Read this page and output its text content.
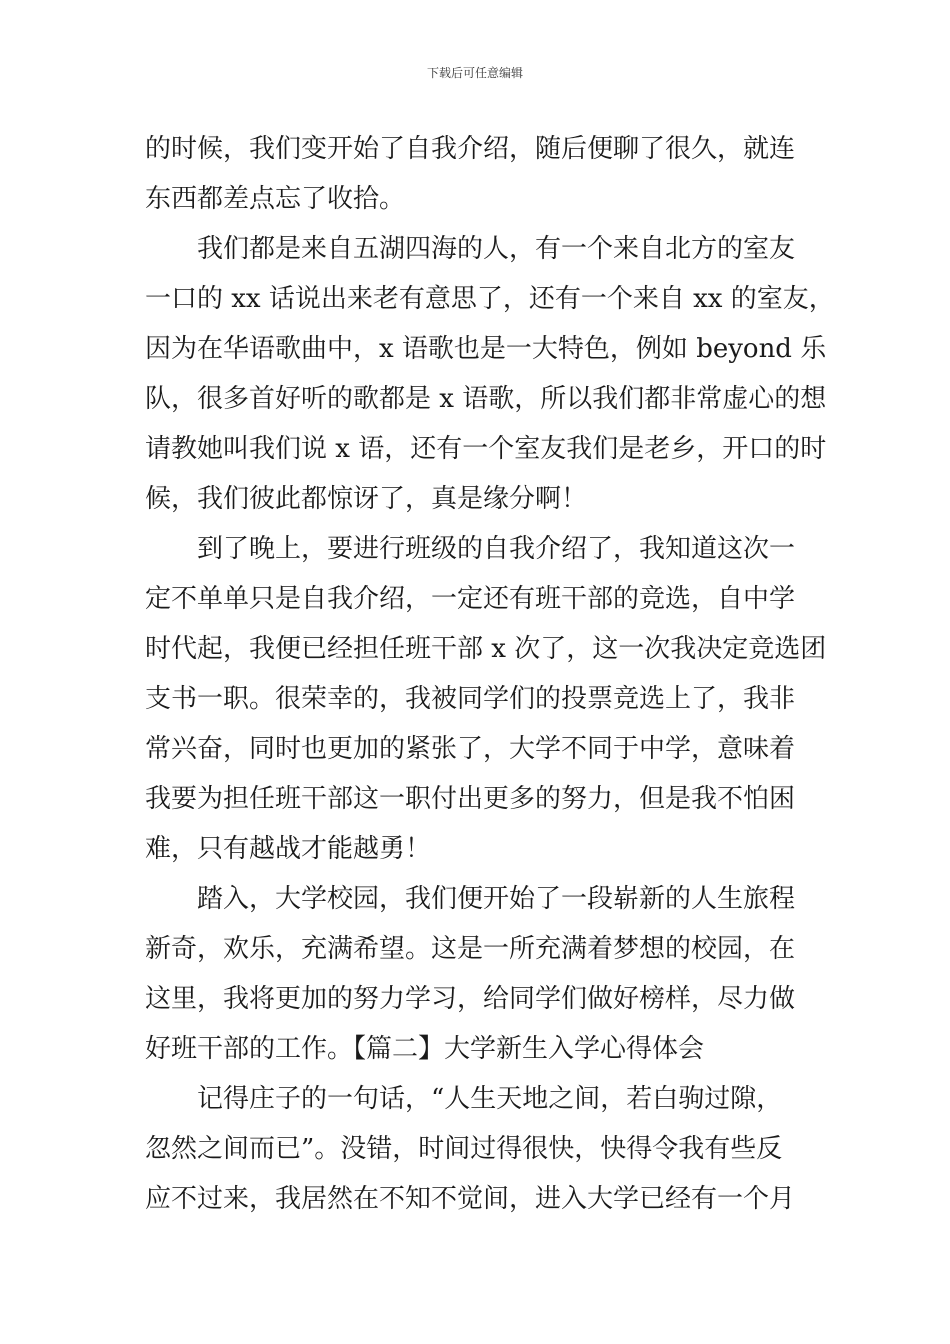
下载后可任意编辑
的时候，我们变开始了自我介绍，随后便聊了很久，就连
东西都差点忘了收拾。
我们都是来自五湖四海的人，有一个来自北方的室友
一口的 xx 话说出来老有意思了，还有一个来自 xx 的室友，
因为在华语歌曲中，x 语歌也是一大特色，例如 beyond 乐
队，很多首好听的歌都是 x 语歌，所以我们都非常虚心的想
请教她叫我们说 x 语，还有一个室友我们是老乡，开口的时
候，我们彼此都惊讶了，真是缘分啊！
到了晚上，要进行班级的自我介绍了，我知道这次一
定不单单只是自我介绍，一定还有班干部的竞选，自中学
时代起，我便已经担任班干部 x 次了，这一次我决定竞选团
支书一职。很荣幸的，我被同学们的投票竞选上了，我非
常兴奋，同时也更加的紧张了，大学不同于中学，意味着
我要为担任班干部这一职付出更多的努力，但是我不怕困
难，只有越战才能越勇！
踏入，大学校园，我们便开始了一段崭新的人生旅程
新奇，欢乐，充满希望。这是一所充满着梦想的校园，在
这里，我将更加的努力学习，给同学们做好榜样，尽力做
好班干部的工作。【篇二】大学新生入学心得体会
记得庄子的一句话，“人生天地之间，若白驹过隙，
忽然之间而已”。没错，时间过得很快，快得令我有些反
应不过来，我居然在不知不觉间，进入大学已经有一个月
